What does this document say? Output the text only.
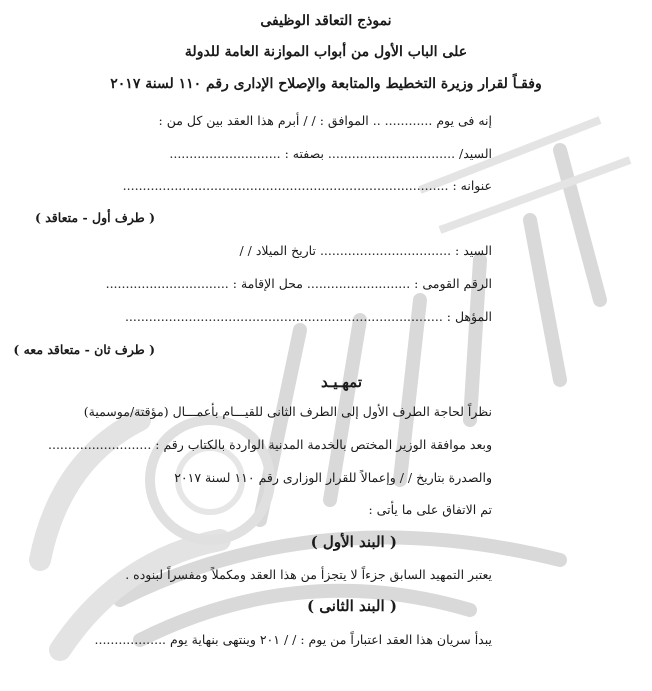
نموذج التعاقد الوظيفى
على الباب الأول من أبواب الموازنة العامة للدولة
وفقـاً لقرار وزيرة التخطيط والمتابعة والإصلاح الإدارى رقم ١١٠ لسنة ٢٠١٧
إنه فى يوم ............ .. الموافق : / / أبرم هذا العقد بين كل من :
السيد/ ................................ بصفته : ............................
عنوانه : ..................................................................................
( طرف أول - متعاقد )
السيد : ................................. تاريخ الميلاد / /
الرقم القومى : .......................... محل الإقامة : ...............................
المؤهل : ................................................................................
( طرف ثان - متعاقد معه )
تمهـيـد
نظراً لحاجة الطرف الأول إلى الطرف الثانى للقيـــام بأعمـــال (مؤقتة/موسمية)
وبعد موافقة الوزير المختص بالخدمة المدنية الواردة بالكتاب رقم : ..........................
والصدرة بتاريخ / / وإعمالاً للقرار الوزارى رقم ١١٠ لسنة ٢٠١٧
تم الاتفاق على ما يأتى :
( البند الأول )
يعتبر التمهيد السابق جزءاً لا يتجزأ من هذا العقد ومكملاً ومفسراً لبنوده .
( البند الثانى )
يبدأ سريان هذا العقد اعتباراً من يوم : / / ٢٠١ وينتهى بنهاية يوم ..................
